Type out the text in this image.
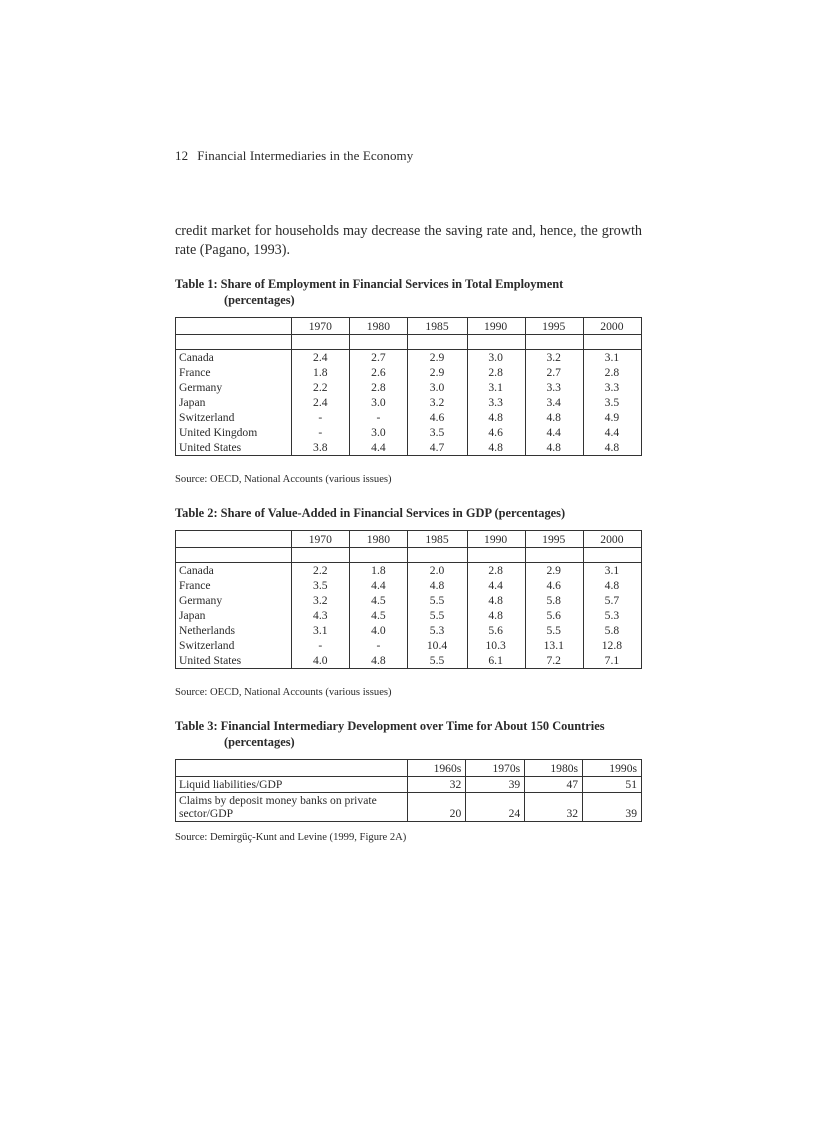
12 Financial Intermediaries in the Economy

credit market for households may decrease the saving rate and, hence, the growth rate (Pagano, 1993).

Table 1: Share of Employment in Financial Services in Total Employment
(percentages)
	1970	1980	1985	1990	1995	2000

Canada	2.4	2.7	2.9	3.0	3.2	3.1
France	1.8	2.6	2.9	2.8	2.7	2.8
Germany	2.2	2.8	3.0	3.1	3.3	3.3
Japan	2.4	3.0	3.2	3.3	3.4	3.5
Switzerland	-	-	4.6	4.8	4.8	4.9
United Kingdom	-	3.0	3.5	4.6	4.4	4.4
United States	3.8	4.4	4.7	4.8	4.8	4.8
Source: OECD, National Accounts (various issues)
Table 2: Share of Value-Added in Financial Services in GDP (percentages)
	1970	1980	1985	1990	1995	2000

Canada	2.2	1.8	2.0	2.8	2.9	3.1
France	3.5	4.4	4.8	4.4	4.6	4.8
Germany	3.2	4.5	5.5	4.8	5.8	5.7
Japan	4.3	4.5	5.5	4.8	5.6	5.3
Netherlands	3.1	4.0	5.3	5.6	5.5	5.8
Switzerland	-	-	10.4	10.3	13.1	12.8
United States	4.0	4.8	5.5	6.1	7.2	7.1
Source: OECD, National Accounts (various issues)
Table 3: Financial Intermediary Development over Time for About 150 Countries
(percentages)
	1960s	1970s	1980s	1990s
Liquid liabilities/GDP	32	39	47	51
Claims by deposit money banks on private sector/GDP	20	24	32	39
Source: Demirgüç-Kunt and Levine (1999, Figure 2A)
